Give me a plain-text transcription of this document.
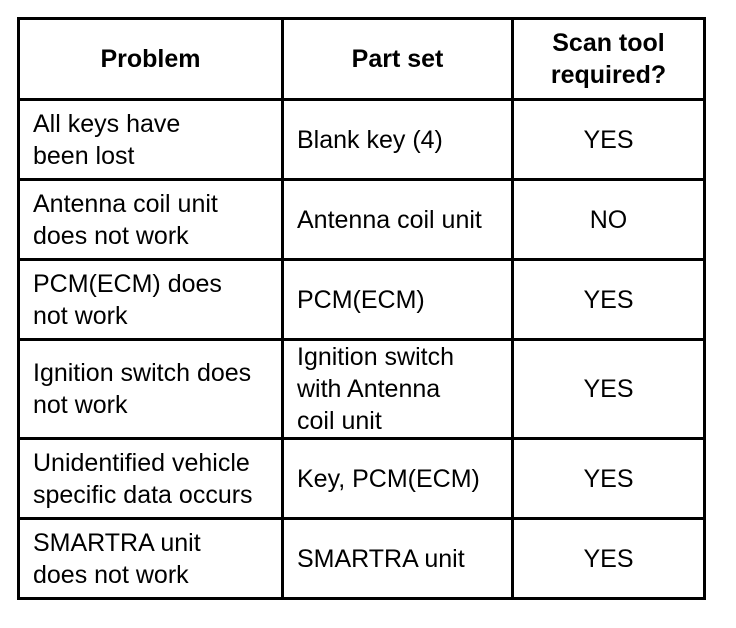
Problem	Part set	Scan tool
required?

All keys have
been lost	Blank key (4)	YES

Antenna coil unit
does not work	Antenna coil unit	NO

PCM(ECM) does
not work	PCM(ECM)	YES

Ignition switch does
not work	Ignition switch
with Antenna
coil unit	YES

Unidentified vehicle
specific data occurs	Key, PCM(ECM)	YES

SMARTRA unit
does not work	SMARTRA unit	YES
